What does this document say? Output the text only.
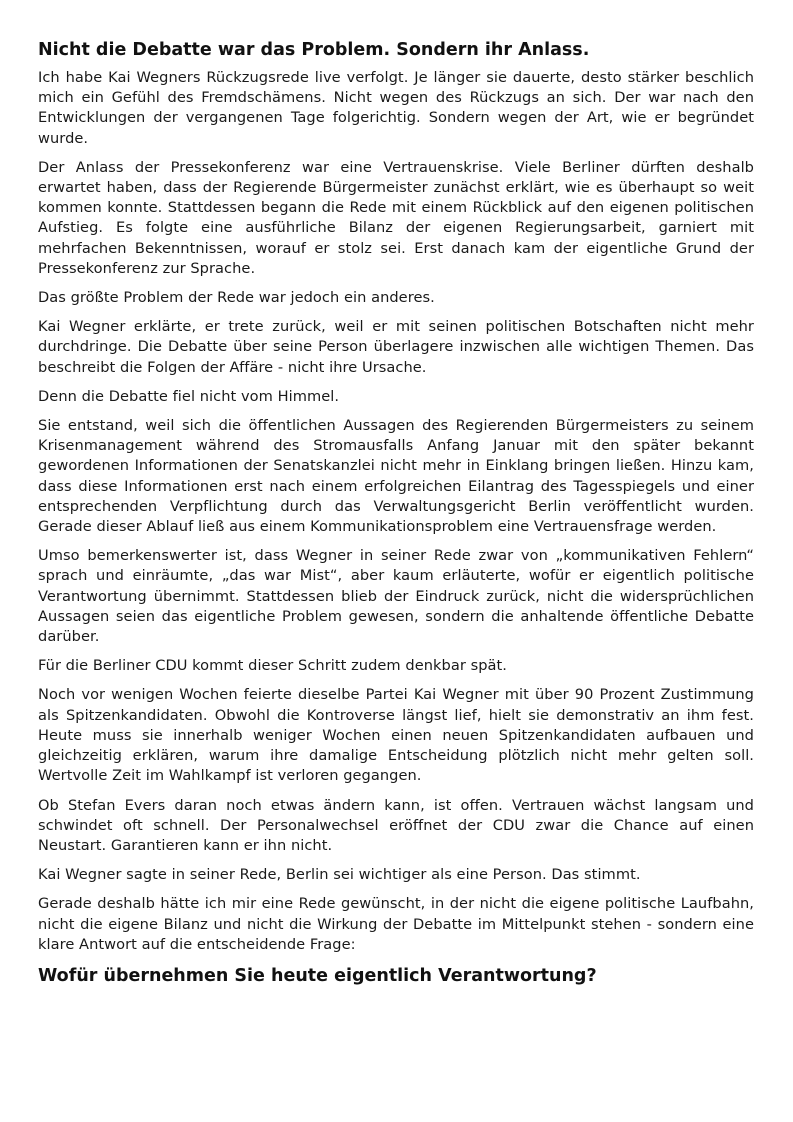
Nicht die Debatte war das Problem. Sondern ihr Anlass.

Ich habe Kai Wegners Rückzugsrede live verfolgt. Je länger sie dauerte, desto stärker beschlich mich ein Gefühl des Fremdschämens. Nicht wegen des Rückzugs an sich. Der war nach den Entwicklungen der vergangenen Tage folgerichtig. Sondern wegen der Art, wie er begründet wurde.

Der Anlass der Pressekonferenz war eine Vertrauenskrise. Viele Berliner dürften deshalb erwartet haben, dass der Regierende Bürgermeister zunächst erklärt, wie es überhaupt so weit kommen konnte. Stattdessen begann die Rede mit einem Rückblick auf den eigenen politischen Aufstieg. Es folgte eine ausführliche Bilanz der eigenen Regierungsarbeit, garniert mit mehrfachen Bekenntnissen, worauf er stolz sei. Erst danach kam der eigentliche Grund der Pressekonferenz zur Sprache.

Das größte Problem der Rede war jedoch ein anderes.

Kai Wegner erklärte, er trete zurück, weil er mit seinen politischen Botschaften nicht mehr durchdringe. Die Debatte über seine Person überlagere inzwischen alle wichtigen Themen. Das beschreibt die Folgen der Affäre - nicht ihre Ursache.

Denn die Debatte fiel nicht vom Himmel.

Sie entstand, weil sich die öffentlichen Aussagen des Regierenden Bürgermeisters zu seinem Krisenmanagement während des Stromausfalls Anfang Januar mit den später bekannt gewordenen Informationen der Senatskanzlei nicht mehr in Einklang bringen ließen. Hinzu kam, dass diese Informationen erst nach einem erfolgreichen Eilantrag des Tagesspiegels und einer entsprechenden Verpflichtung durch das Verwaltungsgericht Berlin veröffentlicht wurden. Gerade dieser Ablauf ließ aus einem Kommunikationsproblem eine Vertrauensfrage werden.

Umso bemerkenswerter ist, dass Wegner in seiner Rede zwar von „kommunikativen Fehlern“ sprach und einräumte, „das war Mist“, aber kaum erläuterte, wofür er eigentlich politische Verantwortung übernimmt. Stattdessen blieb der Eindruck zurück, nicht die widersprüchlichen Aussagen seien das eigentliche Problem gewesen, sondern die anhaltende öffentliche Debatte darüber.

Für die Berliner CDU kommt dieser Schritt zudem denkbar spät.

Noch vor wenigen Wochen feierte dieselbe Partei Kai Wegner mit über 90 Prozent Zustimmung als Spitzenkandidaten. Obwohl die Kontroverse längst lief, hielt sie demonstrativ an ihm fest. Heute muss sie innerhalb weniger Wochen einen neuen Spitzenkandidaten aufbauen und gleichzeitig erklären, warum ihre damalige Entscheidung plötzlich nicht mehr gelten soll. Wertvolle Zeit im Wahlkampf ist verloren gegangen.

Ob Stefan Evers daran noch etwas ändern kann, ist offen. Vertrauen wächst langsam und schwindet oft schnell. Der Personalwechsel eröffnet der CDU zwar die Chance auf einen Neustart. Garantieren kann er ihn nicht.

Kai Wegner sagte in seiner Rede, Berlin sei wichtiger als eine Person. Das stimmt.

Gerade deshalb hätte ich mir eine Rede gewünscht, in der nicht die eigene politische Laufbahn, nicht die eigene Bilanz und nicht die Wirkung der Debatte im Mittelpunkt stehen - sondern eine klare Antwort auf die entscheidende Frage:

Wofür übernehmen Sie heute eigentlich Verantwortung?
